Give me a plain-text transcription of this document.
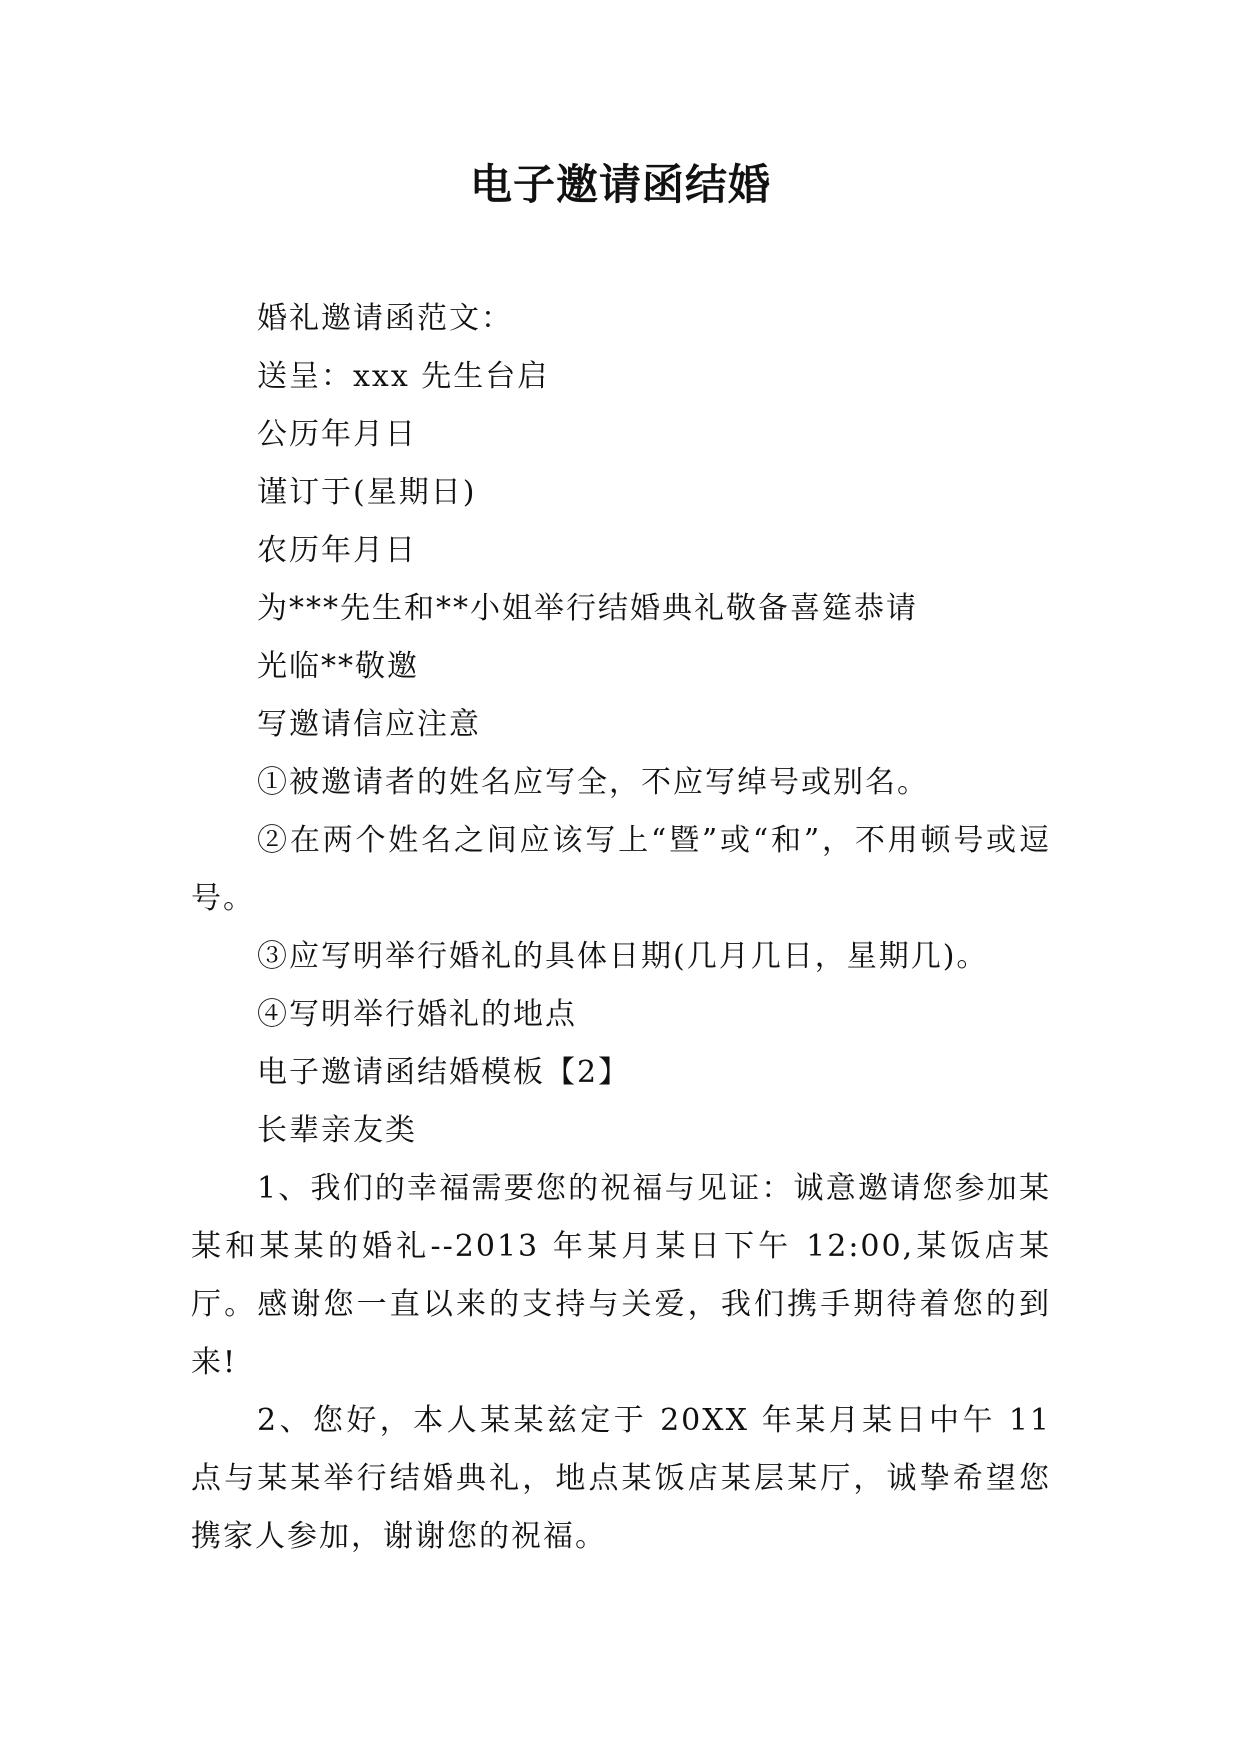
电子邀请函结婚

婚礼邀请函范文：

送呈：xxx 先生台启

公历年月日

谨订于(星期日)

农历年月日

为***先生和**小姐举行结婚典礼敬备喜筵恭请

光临**敬邀

写邀请信应注意

①被邀请者的姓名应写全，不应写绰号或别名。

②在两个姓名之间应该写上“暨”或“和”，不用顿号或逗号。

③应写明举行婚礼的具体日期(几月几日，星期几)。

④写明举行婚礼的地点

电子邀请函结婚模板【2】

长辈亲友类

1、我们的幸福需要您的祝福与见证：诚意邀请您参加某某和某某的婚礼--2013 年某月某日下午 12:00,某饭店某厅。感谢您一直以来的支持与关爱，我们携手期待着您的到来!

2、您好，本人某某兹定于 20XX 年某月某日中午 11 点与某某举行结婚典礼，地点某饭店某层某厅，诚挚希望您携家人参加，谢谢您的祝福。
